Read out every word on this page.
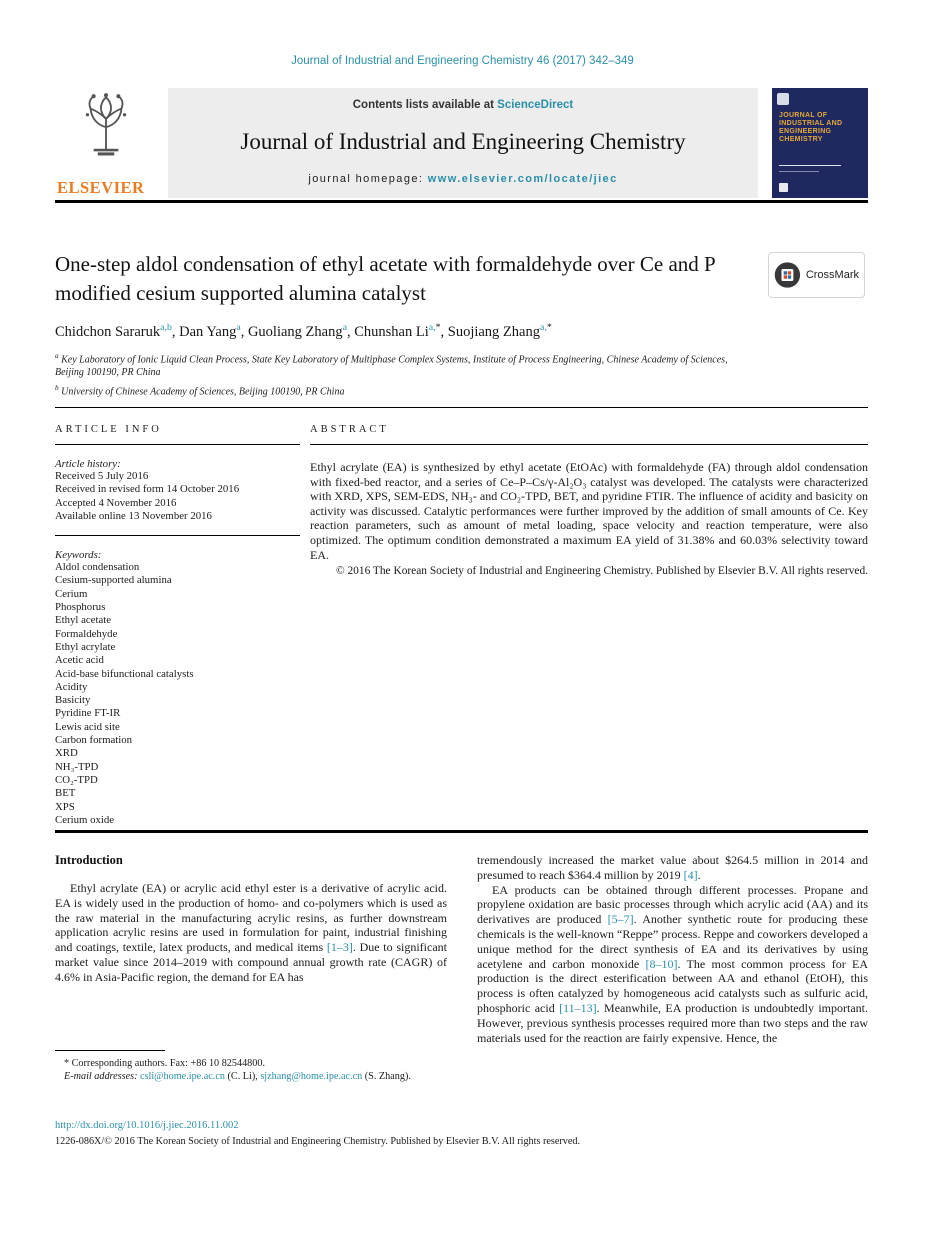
Journal of Industrial and Engineering Chemistry 46 (2017) 342–349
ELSEVIER
Contents lists available at ScienceDirect
Journal of Industrial and Engineering Chemistry
journal homepage: www.elsevier.com/locate/jiec
JOURNAL OF INDUSTRIAL AND ENGINEERING CHEMISTRY
One-step aldol condensation of ethyl acetate with formaldehyde over Ce and P modified cesium supported alumina catalyst
CrossMark
Chidchon Sararuk$^{a,b}$, Dan Yang$^a$, Guoliang Zhang$^a$, Chunshan $Li^{a,*}$, Suojiang Zhang$^{a,*}$
$^a$ Key Laboratory of Ionic Liquid Clean Process, State Key Laboratory of Multiphase Complex Systems, Institute of Process Engineering, Chinese Academy of Sciences, Beijing 100190, PR China
$^b$ University of Chinese Academy of Sciences, Beijing 100190, PR China
ARTICLE INFO
Article history:
Received 5 July 2016
Received in revised form 14 October 2016
Accepted 4 November 2016
Available online 13 November 2016
Keywords:
Aldol condensation
Cesium-supported alumina
Cerium
Phosphorus
Ethyl acetate
Formaldehyde
Ethyl acrylate
Acetic acid
Acid-base bifunctional catalysts
Acidity
Basicity
Pyridine FT-IR
Lewis acid site
Carbon formation
XRD
NH₃-TPD
CO₂-TPD
BET
XPS
Cerium oxide
ABSTRACT
Ethyl acrylate (EA) is synthesized by ethyl acetate (EtOAc) with formaldehyde (FA) through aldol condensation with fixed-bed reactor, and a series of Ce–P–Cs/γ-Al₂O₃ catalyst was developed. The catalysts were characterized with XRD, XPS, SEM-EDS, NH₃- and CO₂-TPD, BET, and pyridine FTIR. The influence of acidity and basicity on activity was discussed. Catalytic performances were further improved by the addition of small amounts of Ce. Key reaction parameters, such as amount of metal loading, space velocity and reaction temperature, were also optimized. The optimum condition demonstrated a maximum EA yield of 31.38% and 60.03% selectivity toward EA.
© 2016 The Korean Society of Industrial and Engineering Chemistry. Published by Elsevier B.V. All rights reserved.
Introduction

Ethyl acrylate (EA) or acrylic acid ethyl ester is a derivative of acrylic acid. EA is widely used in the production of homo- and co-polymers which is used as the raw material in the manufacturing acrylic resins, as further downstream application acrylic resins are used in formulation for paint, industrial finishing and coatings, textile, latex products, and medical items [1–3]. Due to significant market value since 2014–2019 with compound annual growth rate (CAGR) of 4.6% in Asia-Pacific region, the demand for EA has

tremendously increased the market value about $264.5 million in 2014 and presumed to reach $364.4 million by 2019 [4].

EA products can be obtained through different processes. Propane and propylene oxidation are basic processes through which acrylic acid (AA) and its derivatives are produced [5–7]. Another synthetic route for producing these chemicals is the well-known “Reppe” process. Reppe and coworkers developed a unique method for the direct synthesis of EA and its derivatives by using acetylene and carbon monoxide [8–10]. The most common process for EA production is the direct esterification between AA and ethanol (EtOH), this process is often catalyzed by homogeneous acid catalysts such as sulfuric acid, phosphoric acid [11–13]. Meanwhile, EA production is undoubtedly important. However, previous synthesis processes required more than two steps and the raw materials used for the reaction are fairly expensive. Hence, the

* Corresponding authors. Fax: +86 10 82544800.
E-mail addresses: csli@home.ipe.ac.cn (C. Li), sjzhang@home.ipe.ac.cn (S. Zhang).
http://dx.doi.org/10.1016/j.jiec.2016.11.002
1226-086X/© 2016 The Korean Society of Industrial and Engineering Chemistry. Published by Elsevier B.V. All rights reserved.
